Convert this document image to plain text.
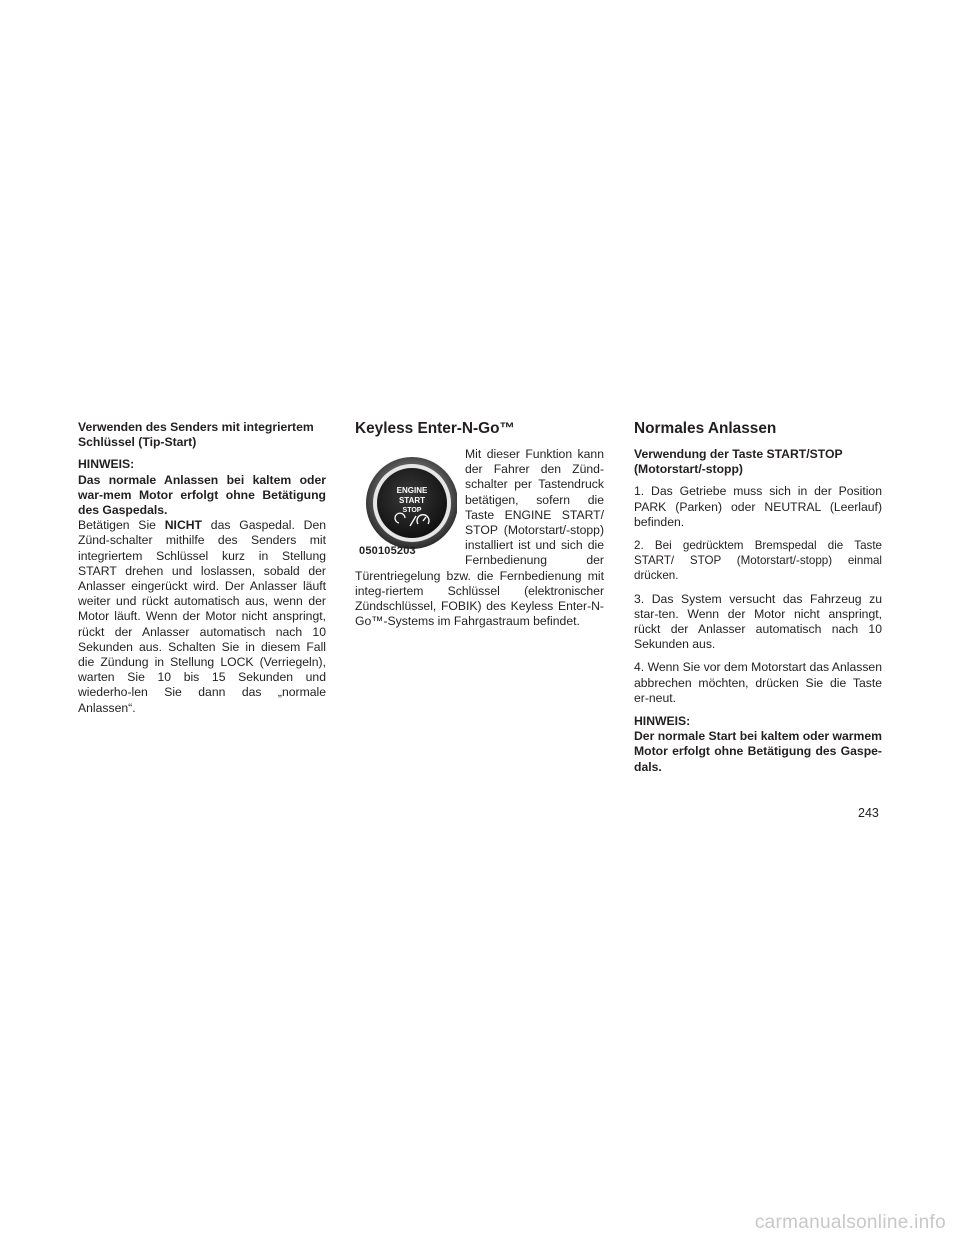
Verwenden des Senders mit integriertem Schlüssel (Tip-Start)

HINWEIS:

Das normale Anlassen bei kaltem oder war-mem Motor erfolgt ohne Betätigung des Gaspedals.

Betätigen Sie NICHT das Gaspedal. Den Zünd-schalter mithilfe des Senders mit integriertem Schlüssel kurz in Stellung START drehen und loslassen, sobald der Anlasser eingerückt wird. Der Anlasser läuft weiter und rückt automatisch aus, wenn der Motor läuft. Wenn der Motor nicht anspringt, rückt der Anlasser automatisch nach 10 Sekunden aus. Schalten Sie in diesem Fall die Zündung in Stellung LOCK (Verriegeln), warten Sie 10 bis 15 Sekunden und wiederho-len Sie dann das „normale Anlassen“.

Keyless Enter-N-Go™

ENGINE
START
STOP
050105203

Mit dieser Funktion kann der Fahrer den Zünd-schalter per Tastendruck betätigen, sofern die Taste ENGINE START/ STOP (Motorstart/-stopp) installiert ist und sich die Fernbedienung der Türentriegelung bzw. die Fernbedienung mit integ-riertem Schlüssel (elektronischer Zündschlüssel, FOBIK) des Keyless Enter-N-Go™-Systems im Fahrgastraum befindet.

Normales Anlassen

Verwendung der Taste START/STOP (Motorstart/-stopp)

1. Das Getriebe muss sich in der Position PARK (Parken) oder NEUTRAL (Leerlauf) befinden.

2. Bei gedrücktem Bremspedal die Taste START/ STOP (Motorstart/-stopp) einmal drücken.

3. Das System versucht das Fahrzeug zu star-ten. Wenn der Motor nicht anspringt, rückt der Anlasser automatisch nach 10 Sekunden aus.

4. Wenn Sie vor dem Motorstart das Anlassen abbrechen möchten, drücken Sie die Taste er-neut.

HINWEIS:

Der normale Start bei kaltem oder warmem Motor erfolgt ohne Betätigung des Gaspe-dals.

243
carmanualsonline.info
